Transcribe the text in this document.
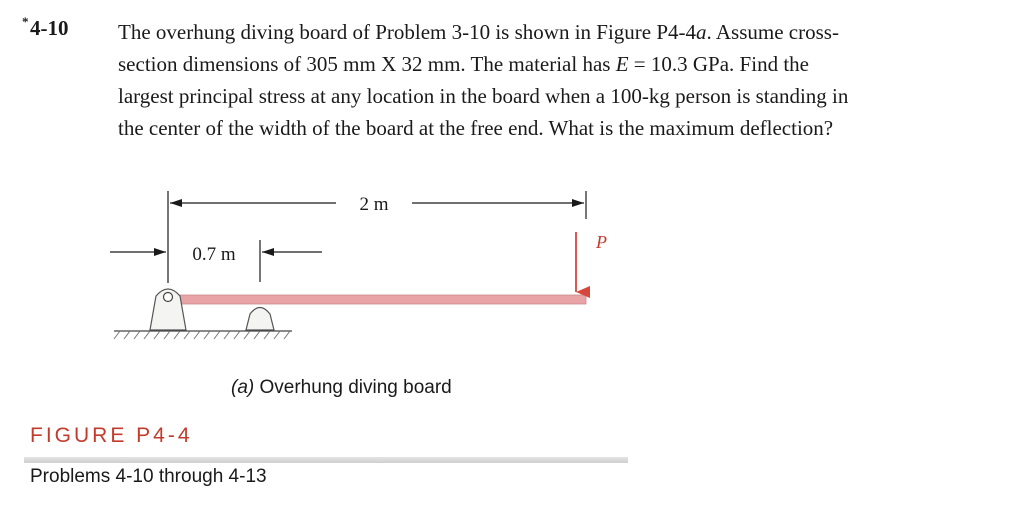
* 4-10 The overhung diving board of Problem 3-10 is shown in Figure P4-4a. Assume cross-
section dimensions of 305 mm X 32 mm. The material has E = 10.3 GPa. Find the
largest principal stress at any location in the board when a 100-kg person is standing in
the center of the width of the board at the free end. What is the maximum deflection?
2 m
0.7 m
P
(a) Overhung diving board
FIGURE P4-4
Problems 4-10 through 4-13
